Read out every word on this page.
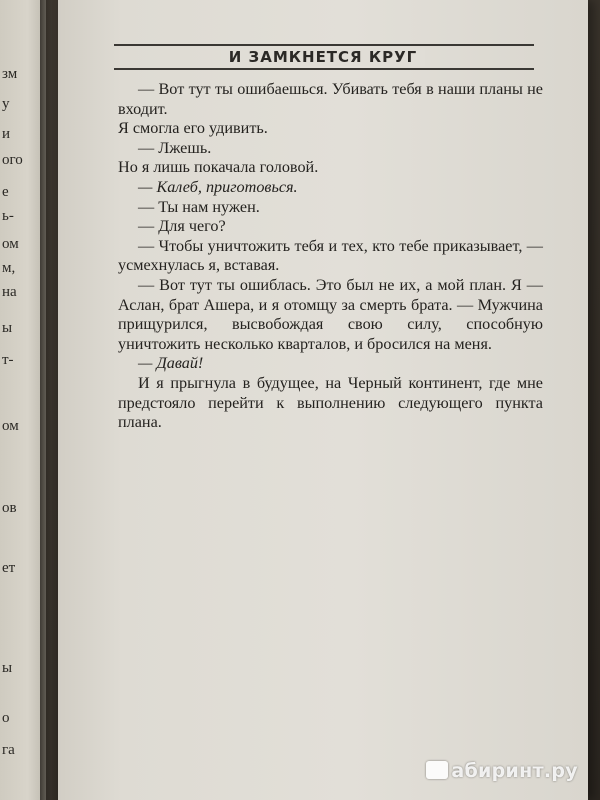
зм
у
и
ого
е
ь-
ом
м,
на
ы
т-
ом
ов
ет
ы
о
га
И ЗАМКНЕТСЯ КРУГ

— Вот тут ты ошибаешься. Убивать тебя в наши планы не входит.

Я смогла его удивить.

— Лжешь.

Но я лишь покачала головой.

— Калеб, приготовься.

— Ты нам нужен.

— Для чего?

— Чтобы уничтожить тебя и тех, кто тебе приказывает, — усмехнулась я, вставая.

— Вот тут ты ошиблась. Это был не их, а мой план. Я — Аслан, брат Ашера, и я отомщу за смерть брата. — Мужчина прищурился, высвобождая свою силу, способную уничтожить несколько кварталов, и бросился на меня.

— Давай!

И я прыгнула в будущее, на Черный континент, где мне предстояло перейти к выполнению следующего пункта плана.

абиринт.ру
